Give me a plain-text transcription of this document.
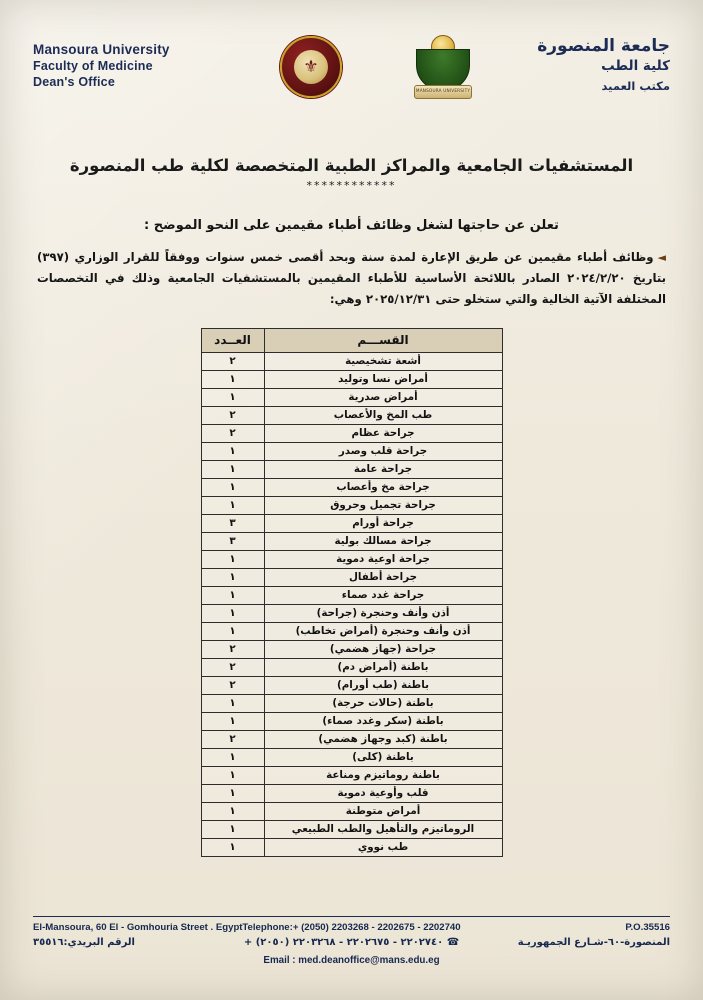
Mansoura University
Faculty of Medicine
Dean's Office
⚜
MANSOURA UNIVERSITY
جامعة المنصورة
كلية الطب
مكتب العميد
المستشفيات الجامعية والمراكز الطبية المتخصصة لكلية طب المنصورة
************
تعلن عن حاجتها لشغل وظائف أطباء مقيمين على النحو الموضح :
◄وظائف أطباء مقيمين عن طريق الإعارة لمدة سنة وبحد أقصى خمس سنوات ووفقاً للقرار الوزاري (٣٩٧) بتاريخ ٢٠٢٤/٢/٢٠ الصادر باللائحة الأساسية للأطباء المقيمين بالمستشفيات الجامعية وذلك في التخصصات المختلفة الآتية الخالية والتي ستخلو حتى ٢٠٢٥/١٢/٣١ وهي:
القســـم	العــدد
أشعة تشخيصية	٢
أمراض نسا وتوليد	١
أمراض صدرية	١
طب المخ والأعصاب	٢
جراحة عظام	٢
جراحة قلب وصدر	١
جراحة عامة	١
جراحة مخ وأعصاب	١
جراحة تجميل وحروق	١
جراحة أورام	٣
جراحة مسالك بولية	٣
جراحة اوعية دموية	١
جراحة أطفال	١
جراحة غدد صماء	١
أذن وأنف وحنجرة (جراحة)	١
أذن وأنف وحنجرة (أمراض تخاطب)	١
جراحة (جهاز هضمي)	٢
باطنة (أمراض دم)	٢
باطنة (طب أورام)	٢
باطنة (حالات حرجة)	١
باطنة (سكر وغدد صماء)	١
باطنة (كبد وجهاز هضمي)	٢
باطنة (كلى)	١
باطنة روماتيزم ومناعة	١
قلب وأوعية دموية	١
أمراض متوطنة	١
الروماتيزم والتأهيل والطب الطبيعي	١
طب نووي	١
El-Mansoura, 60 El - Gomhouria Street . Egypt Telephone:+ (2050) 2203268 - 2202675 - 2202740	P.O.35516
الرقم البريدي:٣٥٥١٦	☎ ٢٢٠٢٧٤٠ - ٢٢٠٢٦٧٥ - ٢٢٠٣٢٦٨ (٢٠٥٠) +	المنصورة-٦٠-شـارع الجمهوريـة
Email : med.deanoffice@mans.edu.eg
